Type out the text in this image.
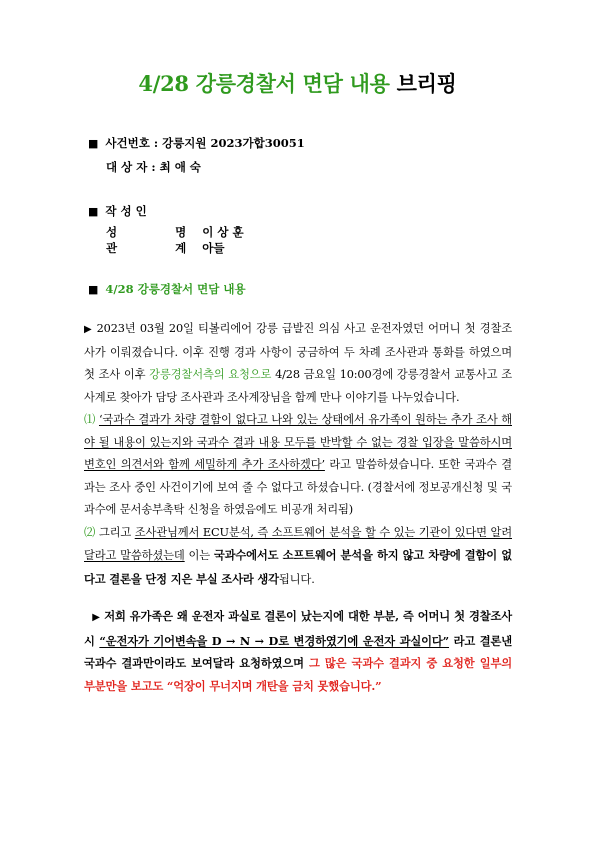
4/28 강릉경찰서 면담 내용 브리핑
■ 사건번호 : 강릉지원 2023가합30051
대 상 자 : 최 애 숙
■ 작 성 인
성	명 이 상 훈
관	계 아들
■ 4/28 강릉경찰서 면담 내용

▶ 2023년 03월 20일 티볼리에어 강릉 급발진 의심 사고 운전자였던 어머니 첫 경찰조사가 이뤄졌습니다. 이후 진행 경과 사항이 궁금하여 두 차례 조사관과 통화를 하였으며 첫 조사 이후 강릉경찰서측의 요청으로 4/28 금요일 10:00경에 강릉경찰서 교통사고 조사계로 찾아가 담당 조사관과 조사계장님을 함께 만나 이야기를 나누었습니다.

⑴ ‘국과수 결과가 차량 결함이 없다고 나와 있는 상태에서 유가족이 원하는 추가 조사 해야 될 내용이 있는지와 국과수 결과 내용 모두를 반박할 수 없는 경찰 입장을 말씀하시며 변호인 의견서와 함께 세밀하게 추가 조사하겠다’ 라고 말씀하셨습니다. 또한 국과수 결과는 조사 중인 사건이기에 보여 줄 수 없다고 하셨습니다. (경찰서에 정보공개신청 및 국과수에 문서송부촉탁 신청을 하였음에도 비공개 처리됨)

⑵ 그리고 조사관님께서 ECU분석, 즉 소프트웨어 분석을 할 수 있는 기관이 있다면 알려달라고 말씀하셨는데 이는 국과수에서도 소프트웨어 분석을 하지 않고 차량에 결함이 없다고 결론을 단정 지은 부실 조사라 생각됩니다.

▶ 저희 유가족은 왜 운전자 과실로 결론이 났는지에 대한 부분, 즉 어머니 첫 경찰조사시 “운전자가 기어변속을 D → N → D로 변경하였기에 운전자 과실이다” 라고 결론낸 국과수 결과만이라도 보여달라 요청하였으며 그 많은 국과수 결과지 중 요청한 일부의 부분만을 보고도 “억장이 무너지며 개탄을 금치 못했습니다.”
